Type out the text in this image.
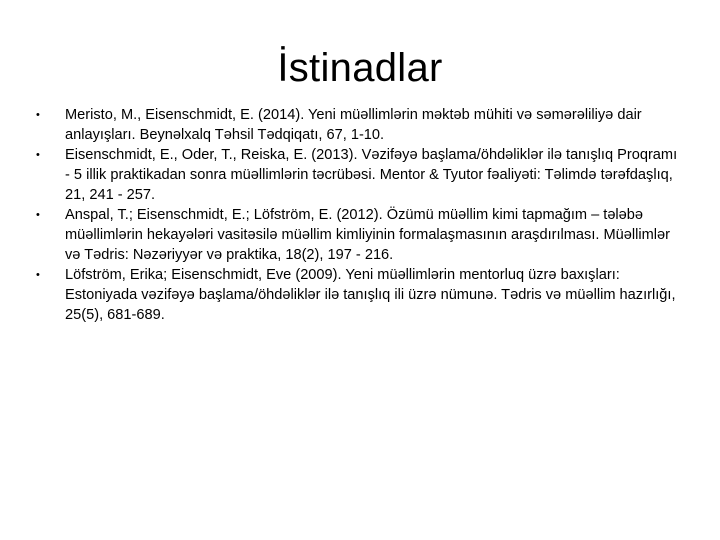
İstinadlar
•	Meristo, M., Eisenschmidt, E. (2014). Yeni müəllimlərin məktəb mühiti və səmərəliliyə dair anlayışları. Beynəlxalq Təhsil Tədqiqatı, 67, 1-10.
•	Eisenschmidt, E., Oder, T., Reiska, E. (2013). Vəzifəyə başlama/öhdəliklər ilə tanışlıq Proqramı - 5 illik praktikadan sonra müəllimlərin təcrübəsi. Mentor & Tyutor fəaliyəti: Təlimdə tərəfdaşlıq, 21, 241 - 257.
•	Anspal, T.; Eisenschmidt, E.; Löfström, E. (2012). Özümü müəllim kimi tapmağım – tələbə müəllimlərin hekayələri vasitəsilə müəllim kimliyinin formalaşmasının araşdırılması. Müəllimlər və Tədris: Nəzəriyyər və praktika, 18(2), 197 - 216.
•	Löfström, Erika; Eisenschmidt, Eve (2009). Yeni müəllimlərin mentorluq üzrə baxışları: Estoniyada vəzifəyə başlama/öhdəliklər ilə tanışlıq ili üzrə nümunə. Tədris və müəllim hazırlığı, 25(5), 681-689.
